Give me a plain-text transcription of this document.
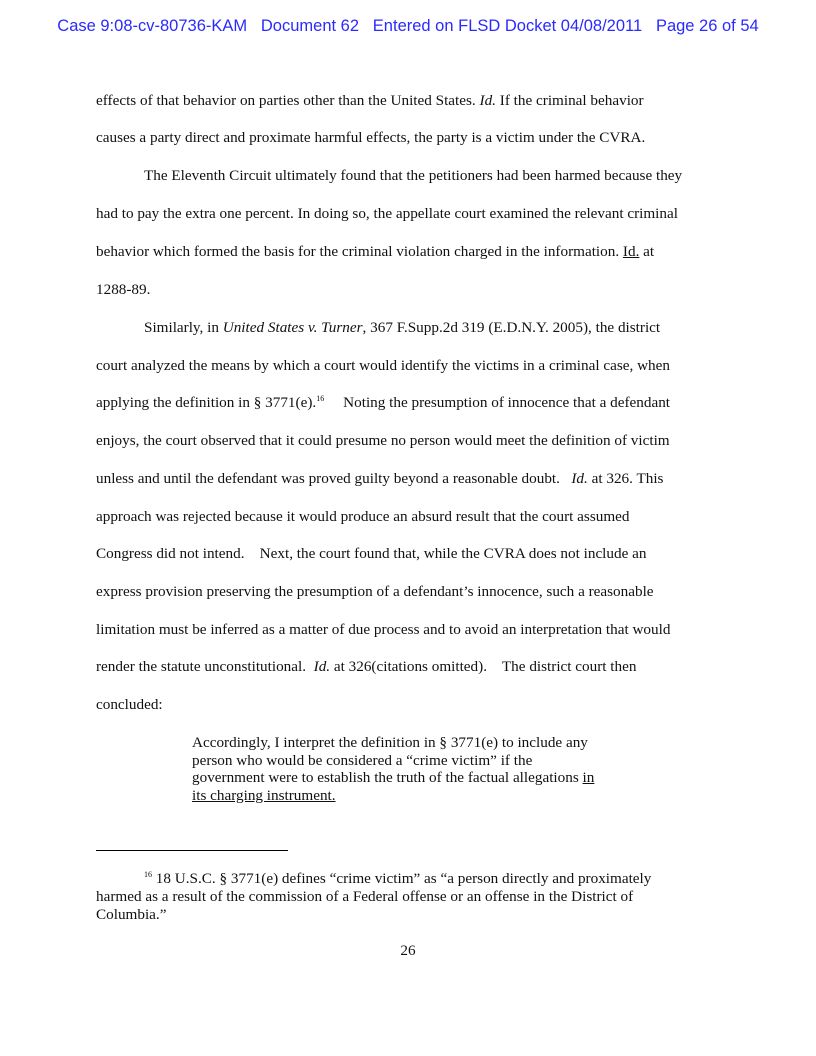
Case 9:08-cv-80736-KAM Document 62 Entered on FLSD Docket 04/08/2011 Page 26 of 54
effects of that behavior on parties other than the United States. Id. If the criminal behavior
causes a party direct and proximate harmful effects, the party is a victim under the CVRA.
The Eleventh Circuit ultimately found that the petitioners had been harmed because they
had to pay the extra one percent. In doing so, the appellate court examined the relevant criminal
behavior which formed the basis for the criminal violation charged in the information. Id. at
1288-89.
Similarly, in United States v. Turner, 367 F.Supp.2d 319 (E.D.N.Y. 2005), the district
court analyzed the means by which a court would identify the victims in a criminal case, when
applying the definition in § 3771(e).$^{16}$     Noting the presumption of innocence that a defendant
enjoys, the court observed that it could presume no person would meet the definition of victim
unless and until the defendant was proved guilty beyond a reasonable doubt.   Id. at 326. This
approach was rejected because it would produce an absurd result that the court assumed
Congress did not intend.    Next, the court found that, while the CVRA does not include an
express provision preserving the presumption of a defendant’s innocence, such a reasonable
limitation must be inferred as a matter of due process and to avoid an interpretation that would
render the statute unconstitutional.  Id. at 326(citations omitted).    The district court then
concluded:
Accordingly, I interpret the definition in § 3771(e) to include any
person who would be considered a “crime victim” if the
government were to establish the truth of the factual allegations in
its charging instrument.
$^{16}$ 18 U.S.C. § 3771(e) defines “crime victim” as “a person directly and proximately
harmed as a result of the commission of a Federal offense or an offense in the District of
Columbia.”
26
